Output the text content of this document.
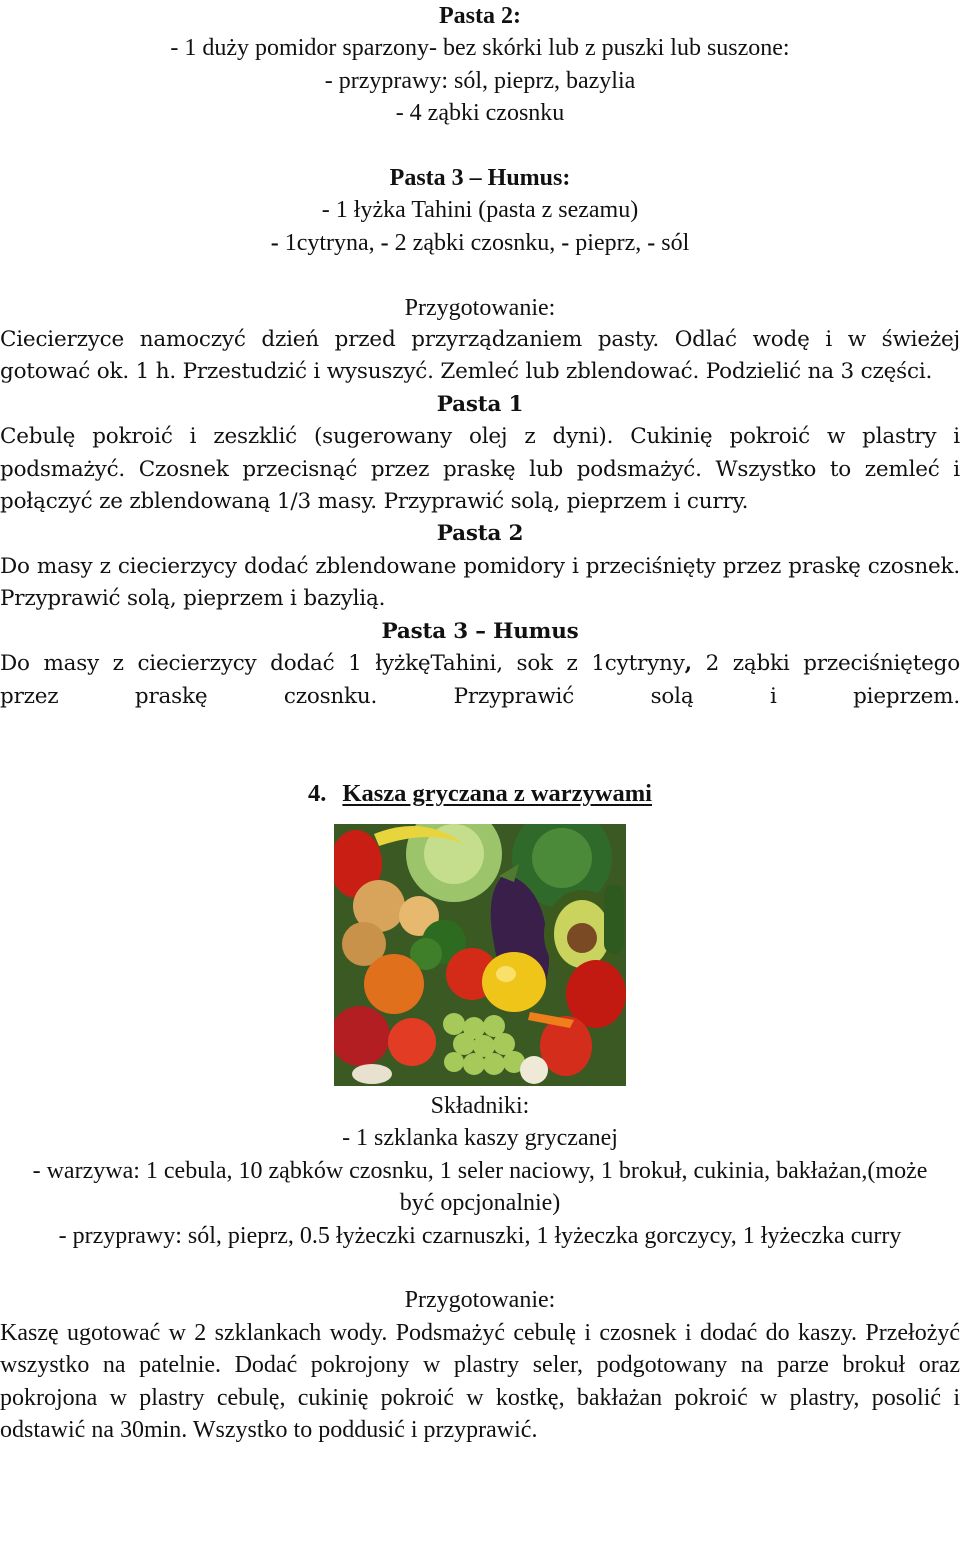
Pasta 2:

- 1 duży pomidor sparzony- bez skórki lub z puszki lub suszone:

- przyprawy: sól, pieprz, bazylia

- 4 ząbki czosnku

Pasta 3 – Humus:

- 1 łyżka Tahini (pasta z sezamu)

- 1cytryna, - 2 ząbki czosnku, - pieprz, - sól

Przygotowanie:

Ciecierzyce namoczyć dzień przed przyrządzaniem pasty. Odlać wodę i w świeżej gotować ok. 1 h. Przestudzić i wysuszyć. Zemleć lub zblendować. Podzielić na 3 części.

Pasta 1

Cebulę pokroić i zeszklić (sugerowany olej z dyni). Cukinię pokroić w plastry i podsmażyć. Czosnek przecisnąć przez praskę lub podsmażyć. Wszystko to zemleć i połączyć ze zblendowaną 1/3 masy. Przyprawić solą, pieprzem i curry.

Pasta 2

Do masy z ciecierzycy dodać zblendowane pomidory i przeciśnięty przez praskę czosnek. Przyprawić solą, pieprzem i bazylią.

Pasta 3 – Humus

Do masy z ciecierzycy dodać 1 łyżkęTahini, sok z 1cytryny, 2 ząbki przeciśniętego

przez praskę czosnku. Przyprawić solą i pieprzem.

4. Kasza gryczana z warzywami

Składniki:

- 1 szklanka kaszy gryczanej

- warzywa: 1 cebula, 10 ząbków czosnku, 1 seler naciowy, 1 brokuł, cukinia, bakłażan,(może być opcjonalnie)

- przyprawy: sól, pieprz, 0.5 łyżeczki czarnuszki, 1 łyżeczka gorczycy, 1 łyżeczka curry

Przygotowanie:

Kaszę ugotować w 2 szklankach wody. Podsmażyć cebulę i czosnek i dodać do kaszy. Przełożyć wszystko na patelnie. Dodać pokrojony w plastry seler, podgotowany na parze brokuł oraz pokrojona w plastry cebulę, cukinię pokroić w kostkę, bakłażan pokroić w plastry, posolić i odstawić na 30min. Wszystko to poddusić i przyprawić.
